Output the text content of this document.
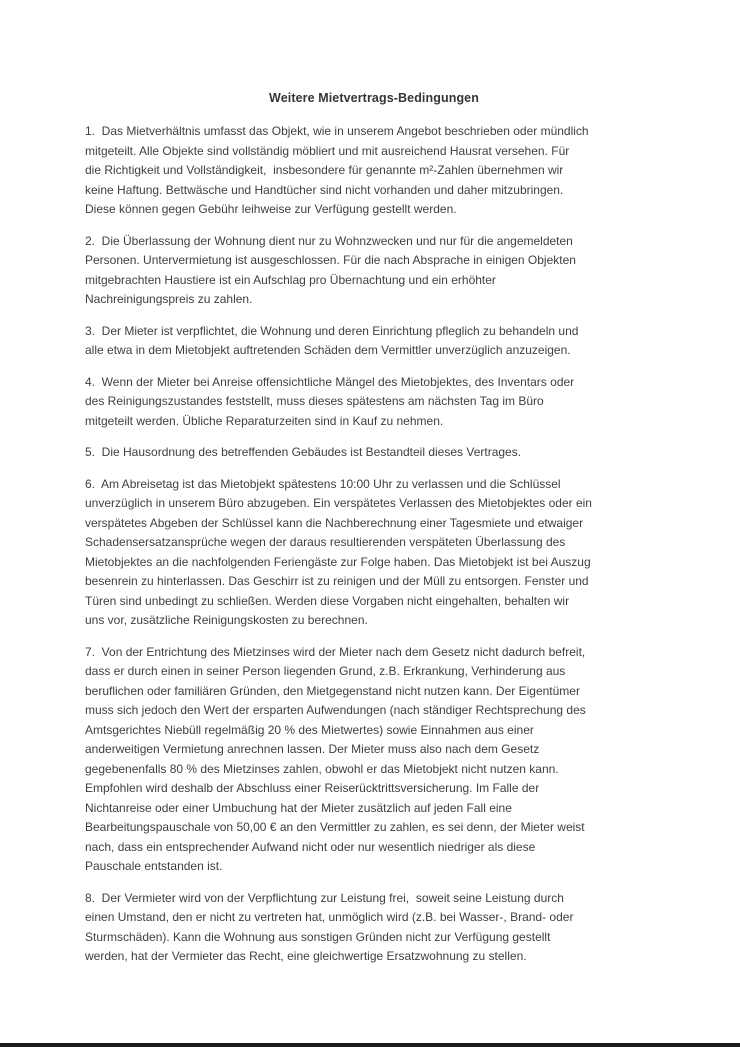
Weitere Mietvertrags-Bedingungen
1.  Das Mietverhältnis umfasst das Objekt, wie in unserem Angebot beschrieben oder mündlich
mitgeteilt. Alle Objekte sind vollständig möbliert und mit ausreichend Hausrat versehen. Für
die Richtigkeit und Vollständigkeit,  insbesondere für genannte m²-Zahlen übernehmen wir
keine Haftung. Bettwäsche und Handtücher sind nicht vorhanden und daher mitzubringen.
Diese können gegen Gebühr leihweise zur Verfügung gestellt werden.
2.  Die Überlassung der Wohnung dient nur zu Wohnzwecken und nur für die angemeldeten
Personen. Untervermietung ist ausgeschlossen. Für die nach Absprache in einigen Objekten
mitgebrachten Haustiere ist ein Aufschlag pro Übernachtung und ein erhöhter
Nachreinigungspreis zu zahlen.
3.  Der Mieter ist verpflichtet, die Wohnung und deren Einrichtung pfleglich zu behandeln und
alle etwa in dem Mietobjekt auftretenden Schäden dem Vermittler unverzüglich anzuzeigen.
4.  Wenn der Mieter bei Anreise offensichtliche Mängel des Mietobjektes, des Inventars oder
des Reinigungszustandes feststellt, muss dieses spätestens am nächsten Tag im Büro
mitgeteilt werden. Übliche Reparaturzeiten sind in Kauf zu nehmen.
5.  Die Hausordnung des betreffenden Gebäudes ist Bestandteil dieses Vertrages.
6.  Am Abreisetag ist das Mietobjekt spätestens 10:00 Uhr zu verlassen und die Schlüssel
unverzüglich in unserem Büro abzugeben. Ein verspätetes Verlassen des Mietobjektes oder ein
verspätetes Abgeben der Schlüssel kann die Nachberechnung einer Tagesmiete und etwaiger
Schadensersatzansprüche wegen der daraus resultierenden verspäteten Überlassung des
Mietobjektes an die nachfolgenden Feriengäste zur Folge haben. Das Mietobjekt ist bei Auszug
besenrein zu hinterlassen. Das Geschirr ist zu reinigen und der Müll zu entsorgen. Fenster und
Türen sind unbedingt zu schließen. Werden diese Vorgaben nicht eingehalten, behalten wir
uns vor, zusätzliche Reinigungskosten zu berechnen.
7.  Von der Entrichtung des Mietzinses wird der Mieter nach dem Gesetz nicht dadurch befreit,
dass er durch einen in seiner Person liegenden Grund, z.B. Erkrankung, Verhinderung aus
beruflichen oder familiären Gründen, den Mietgegenstand nicht nutzen kann. Der Eigentümer
muss sich jedoch den Wert der ersparten Aufwendungen (nach ständiger Rechtsprechung des
Amtsgerichtes Niebüll regelmäßig 20 % des Mietwertes) sowie Einnahmen aus einer
anderweitigen Vermietung anrechnen lassen. Der Mieter muss also nach dem Gesetz
gegebenenfalls 80 % des Mietzinses zahlen, obwohl er das Mietobjekt nicht nutzen kann.
Empfohlen wird deshalb der Abschluss einer Reiserücktrittsversicherung. Im Falle der
Nichtanreise oder einer Umbuchung hat der Mieter zusätzlich auf jeden Fall eine
Bearbeitungspauschale von 50,00 € an den Vermittler zu zahlen, es sei denn, der Mieter weist
nach, dass ein entsprechender Aufwand nicht oder nur wesentlich niedriger als diese
Pauschale entstanden ist.
8.  Der Vermieter wird von der Verpflichtung zur Leistung frei,  soweit seine Leistung durch
einen Umstand, den er nicht zu vertreten hat, unmöglich wird (z.B. bei Wasser-, Brand- oder
Sturmschäden). Kann die Wohnung aus sonstigen Gründen nicht zur Verfügung gestellt
werden, hat der Vermieter das Recht, eine gleichwertige Ersatzwohnung zu stellen.
